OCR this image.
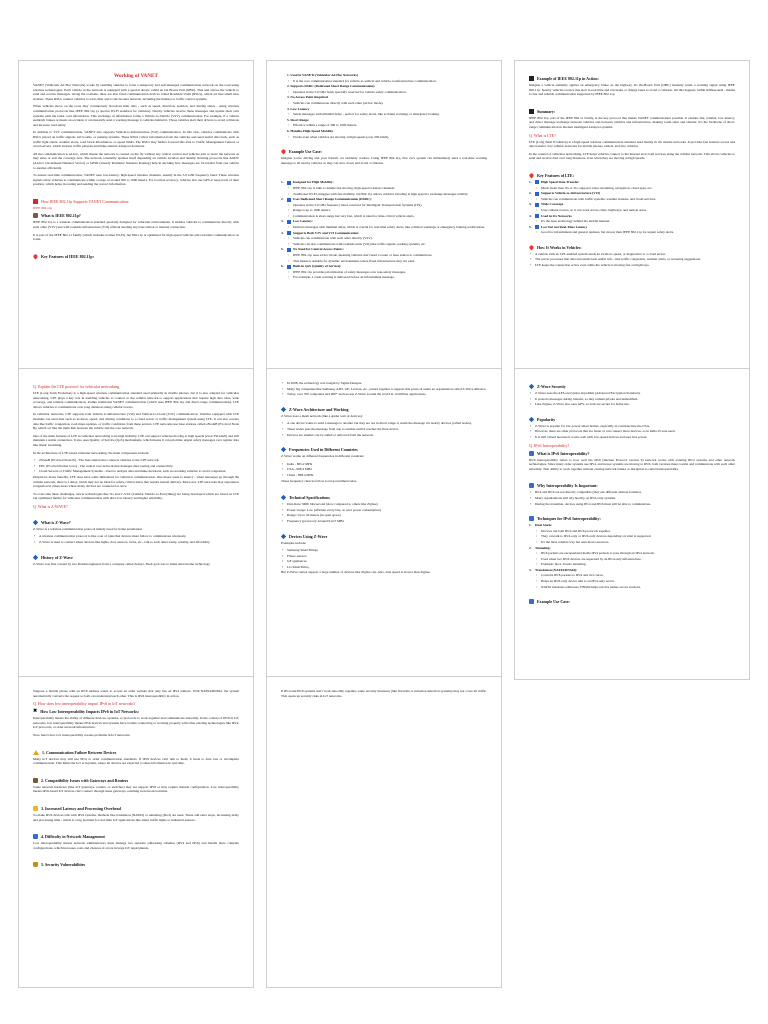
Working of VANET
VANET (Vehicular Ad Hoc Network) works by enabling vehicles to form a temporary and self-managed communication network on the road using wireless technologies. Each vehicle in the network is equipped with a special device called an On Board Unit (OBU). This unit allows the vehicle to send and receive messages. Along the roadside, there are also fixed communication devices called Roadside Units (RSUs), which act like small base stations. These RSUs connect vehicles to each other and to the broader network, including the internet or traffic control systems.
When vehicles move on the road, they continuously broadcast their data - such as speed, direction, position, and driving status - using wireless communication protocols like IEEE 802.11p (a special Wi-Fi standard for vehicles). Nearby vehicles receive these messages and update their own systems with the latest road information. This exchange of information forms a Vehicle-to-Vehicle (V2V) communication. For example, if a vehicle suddenly brakes or meets an accident, it can instantly send a warning message to vehicles behind it. Those vehicles alert their drivers to avoid collisions and increase road safety.
In addition to V2V communication, VANET also supports Vehicle-to-Infrastructure (V2I) communication. In this case, vehicles communicate with RSUs placed on traffic signals, toll booths, or parking systems. These RSUs collect information from the vehicles and send useful data back, such as traffic light status, weather alerts, road block information, or speed limits. The RSUs may further forward this data to Traffic Management Centers or cloud servers, which analyze traffic patterns and make smarter transport decisions.
All the communication is ad-hoc, which means the network is created on the fly without any central control and vehicles join or leave the network as they enter or exit the coverage area. The network constantly updates itself depending on vehicle location and density. Routing protocols like AODV (Ad-hoc On-demand Distance Vector) or GPSR (Greedy Perimeter Stateless Routing) help in deciding how messages are forwarded from one vehicle to another efficiently.
To ensure real-time communication, VANET uses low-latency, high-speed wireless channels, usually in the 5.9 GHz frequency band. These wireless signals allow vehicles to communicate within a range of around 300 to 1000 meters. For location accuracy, vehicles also use GPS to keep track of their position, which helps in routing and sending the correct information.
How IEEE 802.11p Supports VANET Communication:
IEEE 802.11p
What is IEEE 802.11p?
IEEE 802.11p is a wireless communication standard specially designed for vehicular environments. It enables vehicles to communicate directly with each other (V2V) and with roadside infrastructure (V2I) without needing any base station or internet connection.
It is part of the IEEE 802.11 family (which includes normal Wi-Fi), but 802.11p is optimized for high-speed vehicles and real-time communication on roads.
Key Features of IEEE 802.11p:
1. Used in VANETs (Vehicular Ad Hoc Networks)
◦ It is the core communication standard for vehicle-to-vehicle and vehicle-to-infrastructure communication.
2. Supports DSRC (Dedicated Short Range Communication)
◦ Operates in the 5.9 GHz band, specially reserved for vehicle safety communication.
3. No Access Point Required
◦ Vehicles can communicate directly with each other (ad hoc mode).
4. Low Latency
◦ Sends messages with minimal delay - perfect for safety alerts, like accident warnings or emergency braking.
5. Short Range
◦ Effective within a range of 300 to 1000 meters.
6. Handles High-Speed Mobility
◦ Works even when vehicles are moving at high speeds (over 200 km/h).
Example Use Case:
Imagine you're driving and your friend's car suddenly crashes. Using IEEE 802.11p, that car's system can immediately send a real-time warning message to all nearby vehicles so they can slow down and avoid a collision.
1.	Designed for High Mobility:
◦ IEEE 802.11p is built to handle fast-moving, high-speed wireless channels.
◦ Traditional Wi-Fi struggles with fast mobility, but 802.11p allows vehicles traveling at high speed to exchange messages reliably.
2.	Uses Dedicated Short Range Communication (DSRC):
◦ Operates in the 5.9 GHz frequency band, reserved for Intelligent Transportation Systems (ITS).
◦ Range is up to 1000 meters.
◦ Communication is short-range but very fast, which is ideal for time-critical vehicle alerts.
3.	Low Latency:
◦ Delivers messages with minimal delay, which is crucial for real-time safety alerts, like collision warnings or emergency braking notifications.
4.	Supports Both V2V and V2I Communication:
◦ Vehicles can communicate with each other directly (V2V).
◦ Vehicles can also communicate with roadside units (V2I) like traffic signals, parking systems, etc.
5.	No Need for Central Access Points:
◦ IEEE 802.11p uses ad hoc mode, meaning vehicles don't need a router or base station to communicate.
◦ This makes it suitable for dynamic environments where fixed infrastructure may not exist.
6.	Built-in QoS (Quality of Service):
◦ IEEE 802.11p provides prioritization of safety messages over non-safety messages.
◦ For example, a crash warning is delivered before an infotainment message.
Example of IEEE 802.11p in Action:
Imagine a vehicle suddenly applies an emergency brake on the highway. Its On-Board Unit (OBU) instantly sends a warning signal using IEEE 802.11p. Nearby vehicles receive this alert in real time and can brake or change lanes to avoid a collision. All this happens within milliseconds - thanks to fast and reliable communication supported by IEEE 802.11p.
Summary:
IEEE 802.11p, part of the IEEE 802.11 family, is the key protocol that makes VANET communication possible. It enables fast, reliable, low-latency, and direct message exchange between vehicles and between vehicles and infrastructure, making roads safer and smarter. It's the backbone of short-range communication in modern intelligent transport systems.
Q. What is LTE?
LTE (Long Term Evolution) is a high-speed wireless communication standard used mainly in 4G mobile networks. It provides fast internet access and data transfer over cellular networks for mobile phones, tablets, and also vehicles.
In the context of vehicular networking, LTE helps vehicles connect to the internet and cloud services using the cellular network. This allows vehicles to send and receive data over long distances, even when they are moving at high speeds.
Key Features of LTE:
1.	High Speed Data Transfer
◦ Much faster than 3G or 5G; supports video streaming, navigation, cloud apps, etc.
2.	Supports Vehicle-to-Infrastructure (V2I)
◦ Vehicles can communicate with traffic systems, weather stations, and cloud services.
3.	Wide Coverage
◦ Uses cellular towers, so it can work across cities, highways, and remote areas.
4.	Used in 4G Networks
◦ It's the base technology behind 4G mobile internet.
5.	Low but not Real-Time Latency
◦ Good for infotainment and general updates, but slower than IEEE 802.11p for urgent safety alerts.
How It Works in Vehicles:
• A vehicle with an LTE-enabled system sends its location, speed, or diagnostics to a cloud server.
• The server processes that data and sends back useful info - like traffic congestion, weather alerts, or rerouting suggestions.
• LTE keeps the connection active even while the vehicle is moving fast on highways.
Q. Explain the LTE protocol for vehicular networking.
LTE (Long Term Evolution) is a high-speed wireless communication standard used primarily in mobile phones, but it is also adapted for vehicular networking. LTE plays a key role in enabling vehicles to connect to the cellular network to support applications that require high data rates, wide coverage, and reliable communication. Unlike traditional VANET communication (which uses IEEE 802.11p and direct-range communication), LTE allows vehicles to communicate over long distances using cellular towers.
In vehicular networks, LTE supports both Vehicle-to-Infrastructure (V2I) and Vehicle-to-Cloud (V2C) communication. Vehicles equipped with LTE modules can send data such as location, speed, and driving conditions to a cloud server or traffic management system using LTE. It can also receive data like traffic congestion, road maps updates, or traffic conditions from these servers. LTE networks use base stations called eNodeB (Evolved Node B), which act like the main link between the vehicle and the core network.
One of the main features of LTE in vehicular networking is its high mobility. LTE can support vehicles moving at high speeds (even 350 km/h) and still maintain a stable connection. It also uses Quality of Service (QoS) mechanisms, which means it can prioritize urgent safety messages over regular data like music streaming.
In the architecture of LTE-based vehicular networking, the main components include:
• eNodeB (Evolved Node B) - The base station that connects vehicles to the LTE network.
• EPC (Evolved Packet Core) - The central core network that manages data routing and connectivity.
• Cloud Servers or Traffic Management Systems - Used to analyze data and make decisions, such as rerouting vehicles to avoid congestion.
Despite its many benefits, LTE does have some limitations for vehicular communication. One major issue is latency - when messages go through the cellular network, there is a delay, which may not be ideal for safety-critical alerts that require instant delivery. Moreover, LTE networks may experience congestion in urban areas where many devices are connected at once.
To overcome these challenges, newer technologies like 5G and C-V2X (Cellular Vehicle-to-Everything) are being developed which are based on LTE but optimized further for vehicular communication with ultra-low latency and higher reliability.
Q. What is Z-WAVE?
What is Z-Wave?
Z-Wave is a wireless communication protocol mainly used for home automation.
• A wireless communication protocol is like a set of rules that devices must follow to communicate wirelessly.
• Z-Wave is used to connect smart devices like lights, door sensors, locks, etc., talk to each other easily, reliably, and affordably.
History of Z-Wave
Z-Wave was first created by two Danish engineers from a company called Zensys. Their goal was to make smart home technology
• In 2008, the technology was bought by Sigma Designs.
• Many big companies like Samsung, ADT, GE, Leviton, etc., joined together to support this protocol under an organization called Z-Wave Alliance.
• Today, over 700 companies and 900+ devices use Z-Wave around the world in 14 million applications.
Z-Wave Architecture and Working
Z-Wave uses a mesh network (like a spider web of devices):
• A one device wants to send a message to another but they are not in direct range, it sends the message via nearby devices (called nodes).
• These nodes pass the message from one to another until it reaches the final device.
• Devices are smaller can be added or removed from the network.
Frequencies Used in Different Countries
Z-Wave works on different frequencies in different countries:
• India - 865.2 MHz
• USA - 908.4 MHz
• China - 868.4 MHz
These frequency choices follow local government rules.
Technical Specifications
• Data Rate: 9600 bits/second (slow compared to others like Zigbee)
• Power Usage: Low (efficient every bite, so save power consumption)
• Range: Up to 30 meters (in open space)
• Frequency (protocol): Around 914.5 MHz
Devices Using Z-Wave
Examples include:
• Samsung SmartThings
• Fibaro sensors
• GE appliances
• LG SmartThinq
But Z-Wave cannot support a large number of devices like Zigbee can. Also, data speed is slower than Zigbee.
Z-Wave Security
• Z-Wave uses the AES encryption algorithm (Advanced Encryption Standard).
• It protects messages during transfer, so they remain private and unmodified.
• Like Zigbee, Z-Wave also uses AES, so both are secure for home use.
Popularity
• Z-Wave is popular for low-power smart homes, especially in countries like the USA.
• However, there are other protocols that are faster or can connect more devices, so in India it's less used.
• It is still valued because it works well with low-speed devices and uses less power.
Q. IPv6 Interoperability?
What is IPv6 Interoperability?
IPv6 interoperability refers to how well the IPv6 (Internet Protocol version 6) network works with existing IPv4 systems and other network technologies. Since many older systems use IPv4, and newer systems are moving to IPv6, both versions must coexist and communicate with each other smoothly. That ability to work together without causing network failure or disruption is called interoperability.
Why Interoperability Is Important:
• IPv4 and IPv6 are not directly compatible (they use different address formats).
• Many organizations still rely heavily on IPv4-only systems.
• During the transition, devices using IPv4 and IPv6 must still be able to communicate.
Techniques for IPv6 Interoperability:
1.	Dual Stack:
◦ Devices run both IPv4 and IPv6 protocols together.
◦ They can talk to IPv4-only or IPv6-only devices depending on what is supported.
◦ It's the most reliable way but uses more resources.
2.	Tunneling:
◦ IPv6 packets are encapsulated inside IPv4 packets to pass through an IPv4 network.
◦ Used when two IPv6 devices are separated by an IPv4-only infrastructure.
◦ Example: 6to4, Teredo tunneling.
3.	Translation (NAT64/DNS64):
◦ Converts IPv6 packets to IPv4 and vice versa.
◦ Helps an IPv6-only device talk to an IPv4-only server.
◦ NAT64 translates addresses; DNS64 helps resolve names across versions.
Example Use Case:
Suppose a mobile phone with an IPv6 address wants to access an older website that only has an IPv4 address. With NAT64/DNS64, the system automatically converts the request so both can understand each other. This is IPv6 interoperability in action.
Q. How does low interoperability impact IPv6 in IoT networks?
✖ How Low Interoperability Impacts IPv6 in IoT Networks:
Interoperability means the ability of different devices, systems, or protocols to work together and communicate smoothly. In the context of IPv6 in IoT networks, low interoperability means IPv6 devices and systems have trouble connecting or working properly with other existing technologies like IPv4, IoT protocols, or older network infrastructure.
Now, here's how low interoperability creates problems in IoT networks:
1. Communication Failure Between Devices
Many IoT devices may still use IPv4 or older communication standards. If IPv6 devices can't talk to them, it leads to data loss or incomplete communication. This limits the IoT ecosystem, where all devices are expected to share information in real time.
2. Compatibility Issues with Gateways and Routers
Some network hardware (like IoT gateways, routers, or switches) may not support IPv6 or may require manual configuration. Low interoperability means IPv6-based IoT devices can't connect through these gateways, resulting in network isolation.
3. Increased Latency and Processing Overhead
To make IPv6 devices talk with IPv4 systems, methods like translation (NAT64) or tunneling (6to4) are used. These add extra steps, increasing delay and processing time - which is a big problem for real-time IoT applications like smart traffic lights or industrial sensors.
4. Difficulty in Network Management
Low interoperability means network administrators must manage two separate addressing schemes (IPv4 and IPv6) and handle more complex configurations, which increases costs and chances of errors in large IoT deployments.
5. Security Vulnerabilities
If IPv4 and IPv6 systems don't work smoothly together, some security measures (like firewalls or intrusion detection systems) may not cover all traffic. This opens up security risks in IoT networks.
